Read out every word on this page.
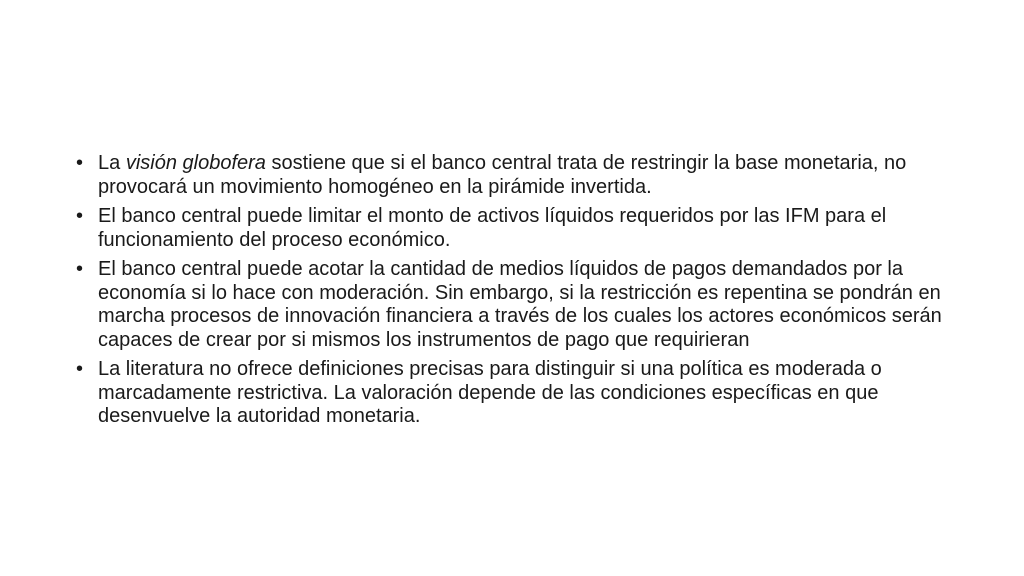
• La visión globofera sostiene que si el banco central trata de restringir la base monetaria, no provocará un movimiento homogéneo en la pirámide invertida.
• El banco central puede limitar el monto de activos líquidos requeridos por las IFM para el funcionamiento del proceso económico.
• El banco central puede acotar la cantidad de medios líquidos de pagos demandados por la economía si lo hace con moderación. Sin embargo, si la restricción es repentina se pondrán en marcha procesos de innovación financiera a través de los cuales los actores económicos serán capaces de crear por si mismos los instrumentos de pago que requirieran
• La literatura no ofrece definiciones precisas para distinguir si una política es moderada o marcadamente restrictiva. La valoración depende de las condiciones específicas en que desenvuelve la autoridad monetaria.
